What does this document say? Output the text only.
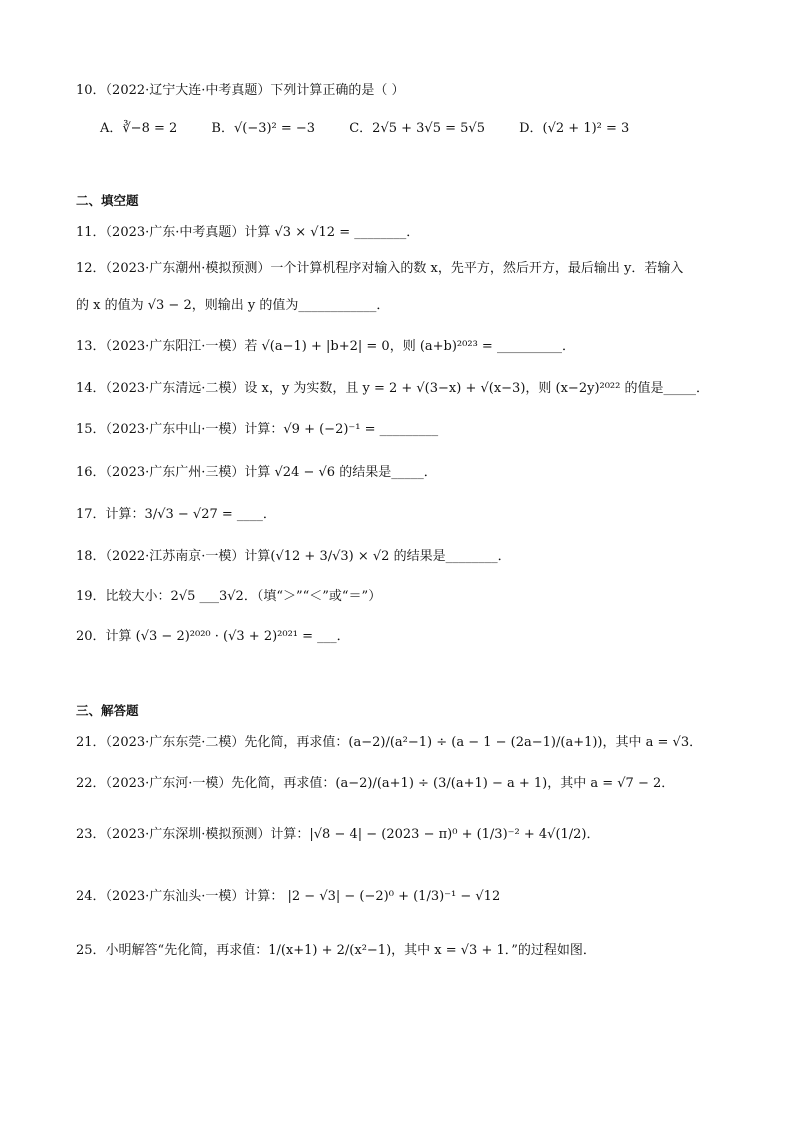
10．（2022·辽宁大连·中考真题）下列计算正确的是（ ）
A．∛−8 = 2	B．√(−3)² = −3	C．2√5 + 3√5 = 5√5	D．(√2 + 1)² = 3
二、填空题
11．（2023·广东·中考真题）计算 √3 × √12 = ________．
12．（2023·广东潮州·模拟预测）一个计算机程序对输入的数 x，先平方，然后开方，最后输出 y．若输入
的 x 的值为 √3 − 2，则输出 y 的值为____________．
13．（2023·广东阳江·一模）若 √(a−1) + |b+2| = 0，则 (a+b)²⁰²³ = __________．
14．（2023·广东清远·二模）设 x，y 为实数，且 y = 2 + √(3−x) + √(x−3)，则 (x−2y)²⁰²² 的值是_____．
15．（2023·广东中山·一模）计算：√9 + (−2)⁻¹ = _________
16．（2023·广东广州·三模）计算 √24 − √6 的结果是_____．
17．计算：3/√3 − √27 = ____．
18．（2022·江苏南京·一模）计算(√12 + 3/√3) × √2 的结果是________．
19．比较大小：2√5 ___3√2．（填“＞”“＜”或“＝”）
20．计算 (√3 − 2)²⁰²⁰ · (√3 + 2)²⁰²¹ = ___．
三、解答题
21．（2023·广东东莞·二模）先化简，再求值：(a−2)/(a²−1) ÷ (a − 1 − (2a−1)/(a+1))，其中 a = √3．
22．（2023·广东河·一模）先化简，再求值：(a−2)/(a+1) ÷ (3/(a+1) − a + 1)，其中 a = √7 − 2．
23．（2023·广东深圳·模拟预测）计算：|√8 − 4| − (2023 − π)⁰ + (1/3)⁻² + 4√(1/2)．
24．（2023·广东汕头·一模）计算： |2 − √3| − (−2)⁰ + (1/3)⁻¹ − √12
25．小明解答“先化简，再求值：1/(x+1) + 2/(x²−1)，其中 x = √3 + 1．”的过程如图．
